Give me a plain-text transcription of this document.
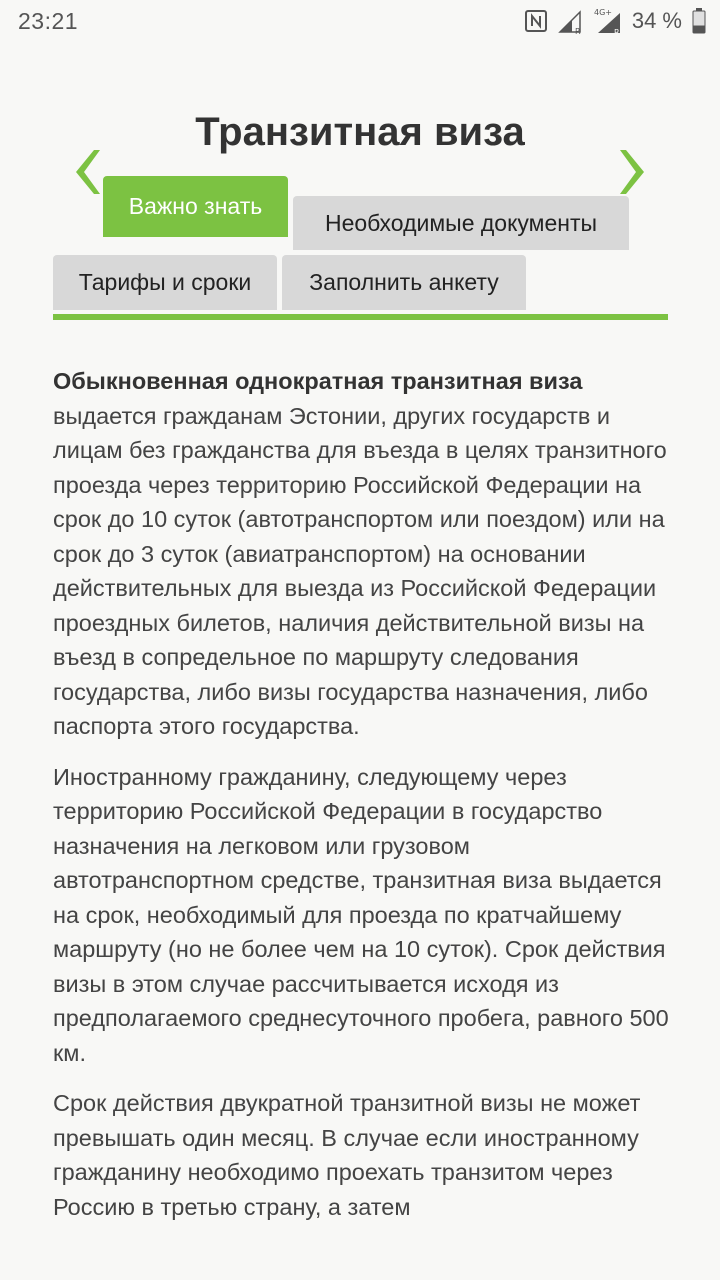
23:21	R
4G+
R 34 %
Транзитная виза
Важно знать
Необходимые документы
Тарифы и сроки	Заполнить анкету

Обыкновенная однократная транзитная виза выдается гражданам Эстонии, других государств и лицам без гражданства для въезда в целях транзитного проезда через территорию Российской Федерации на срок до 10 суток (автотранспортом или поездом) или на срок до 3 суток (авиатранспортом) на основании действительных для выезда из Российской Федерации проездных билетов, наличия действительной визы на въезд в сопредельное по маршруту следования государства, либо визы государства назначения, либо паспорта этого государства.

Иностранному гражданину, следующему через территорию Российской Федерации в государство назначения на легковом или грузовом автотранспортном средстве, транзитная виза выдается на срок, необходимый для проезда по кратчайшему маршруту (но не более чем на 10 суток). Срок действия визы в этом случае рассчитывается исходя из предполагаемого среднесуточного пробега, равного 500 км.

Срок действия двукратной транзитной визы не может превышать один месяц. В случае если иностранному гражданину необходимо проехать транзитом через Россию в третью страну, а затем
